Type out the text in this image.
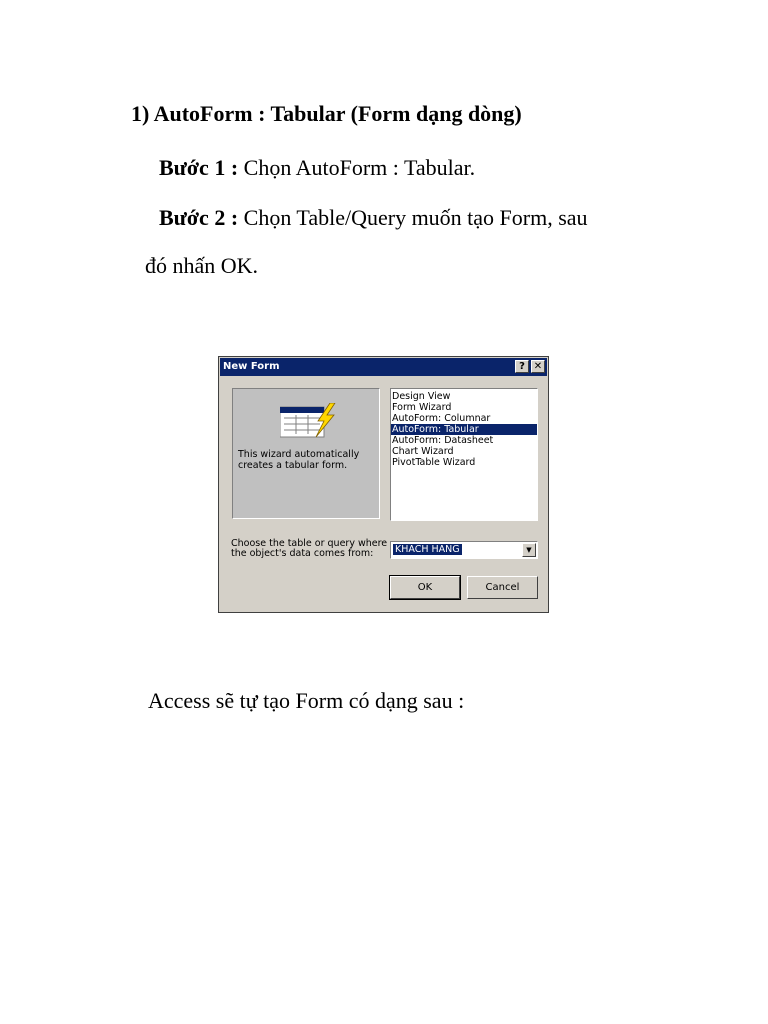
1) AutoForm : Tabular (Form dạng dòng)
Bước 1 : Chọn AutoForm : Tabular.
Bước 2 : Chọn Table/Query muốn tạo Form, sau
đó nhấn OK.
New Form	? ✕
This wizard automatically creates a tabular form.
Design View
Form Wizard
AutoForm: Columnar
AutoForm: Tabular
AutoForm: Datasheet
Chart Wizard
PivotTable Wizard
Choose the table or query where the object's data comes from:	KHACH HANG	▼
OK	Cancel
Access sẽ tự tạo Form có dạng sau :
